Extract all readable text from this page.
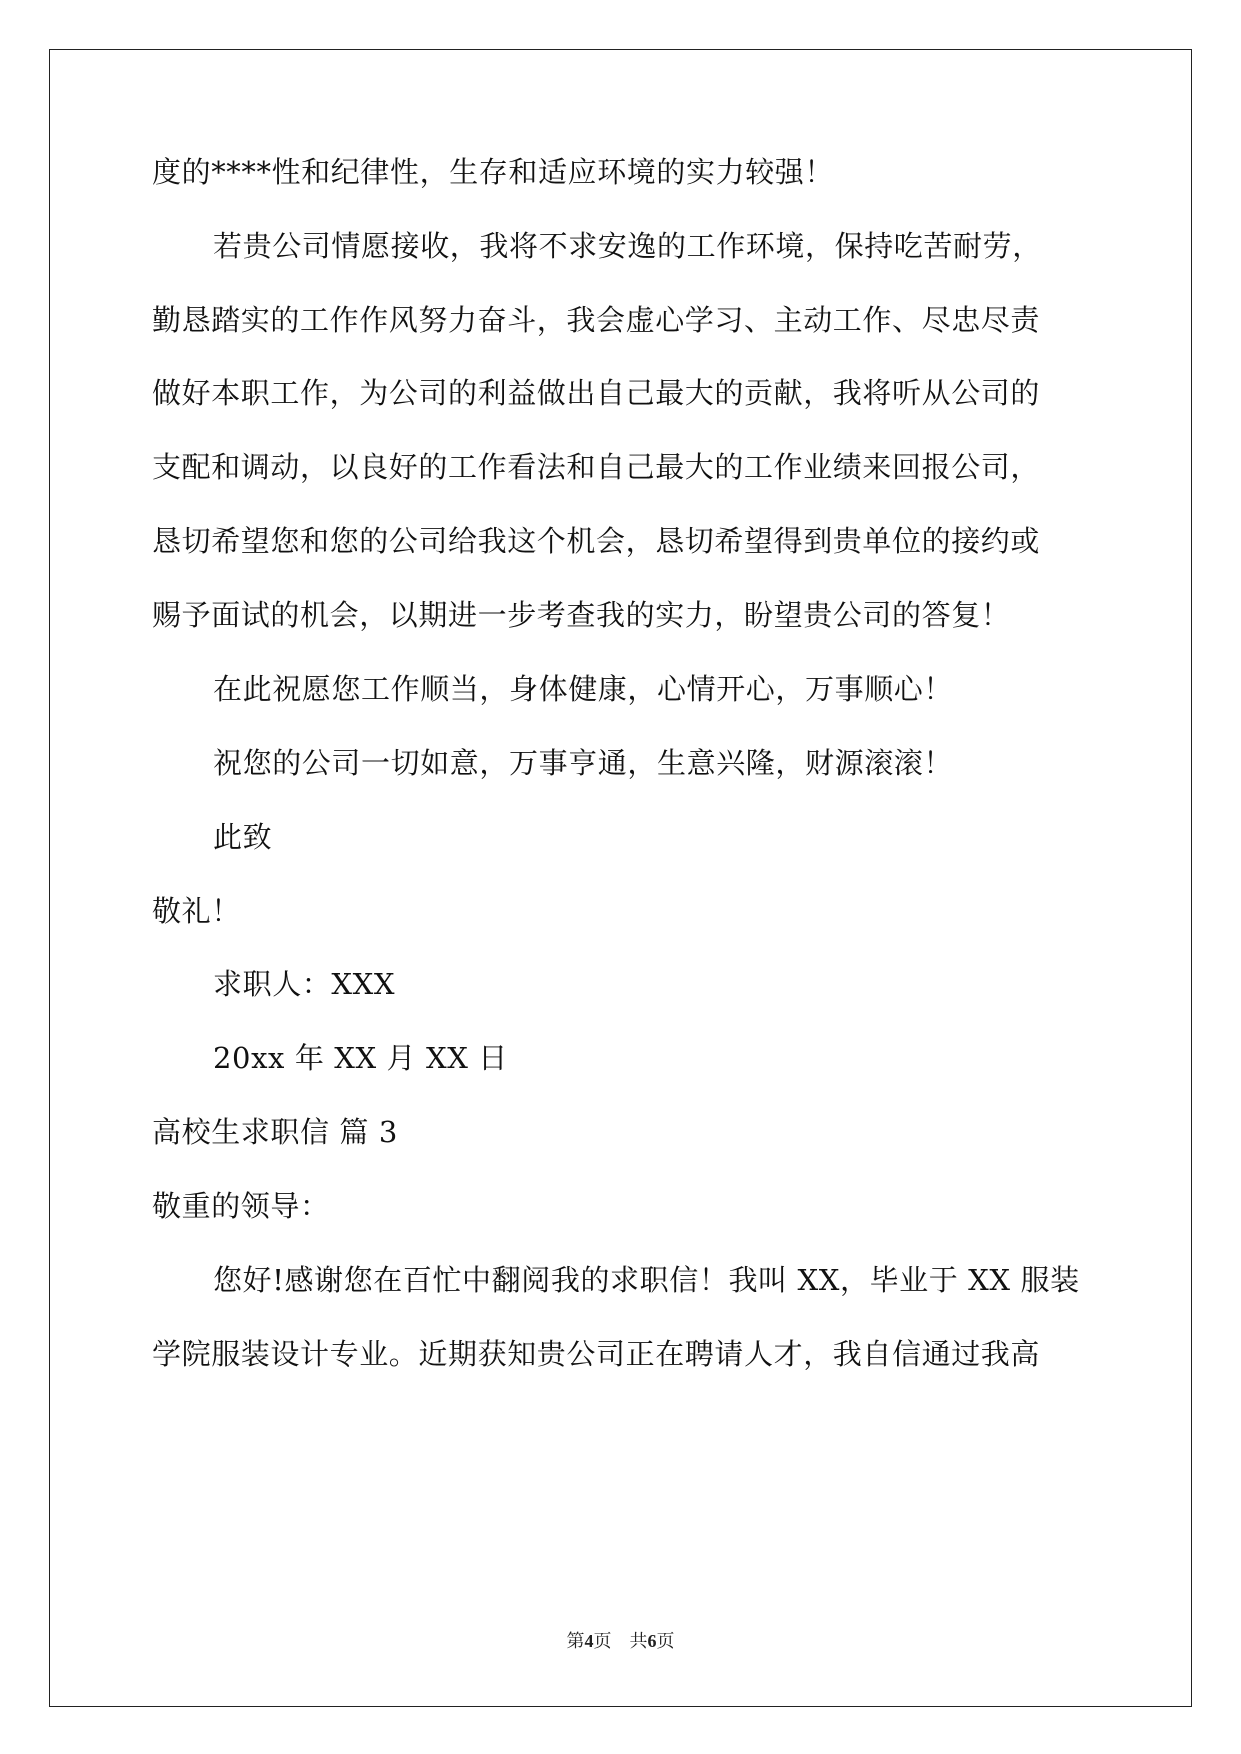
度的****性和纪律性，生存和适应环境的实力较强！
若贵公司情愿接收，我将不求安逸的工作环境，保持吃苦耐劳，
勤恳踏实的工作作风努力奋斗，我会虚心学习、主动工作、尽忠尽责
做好本职工作，为公司的利益做出自己最大的贡献，我将听从公司的
支配和调动，以良好的工作看法和自己最大的工作业绩来回报公司，
恳切希望您和您的公司给我这个机会，恳切希望得到贵单位的接约或
赐予面试的机会，以期进一步考查我的实力，盼望贵公司的答复！
在此祝愿您工作顺当，身体健康，心情开心，万事顺心！
祝您的公司一切如意，万事亨通，生意兴隆，财源滚滚！
此致
敬礼！
求职人：XXX
20xx 年 XX 月 XX 日
高校生求职信 篇 3
敬重的领导：
您好!感谢您在百忙中翻阅我的求职信！我叫 XX，毕业于 XX 服装
学院服装设计专业。近期获知贵公司正在聘请人才，我自信通过我高
第4页 共6页
